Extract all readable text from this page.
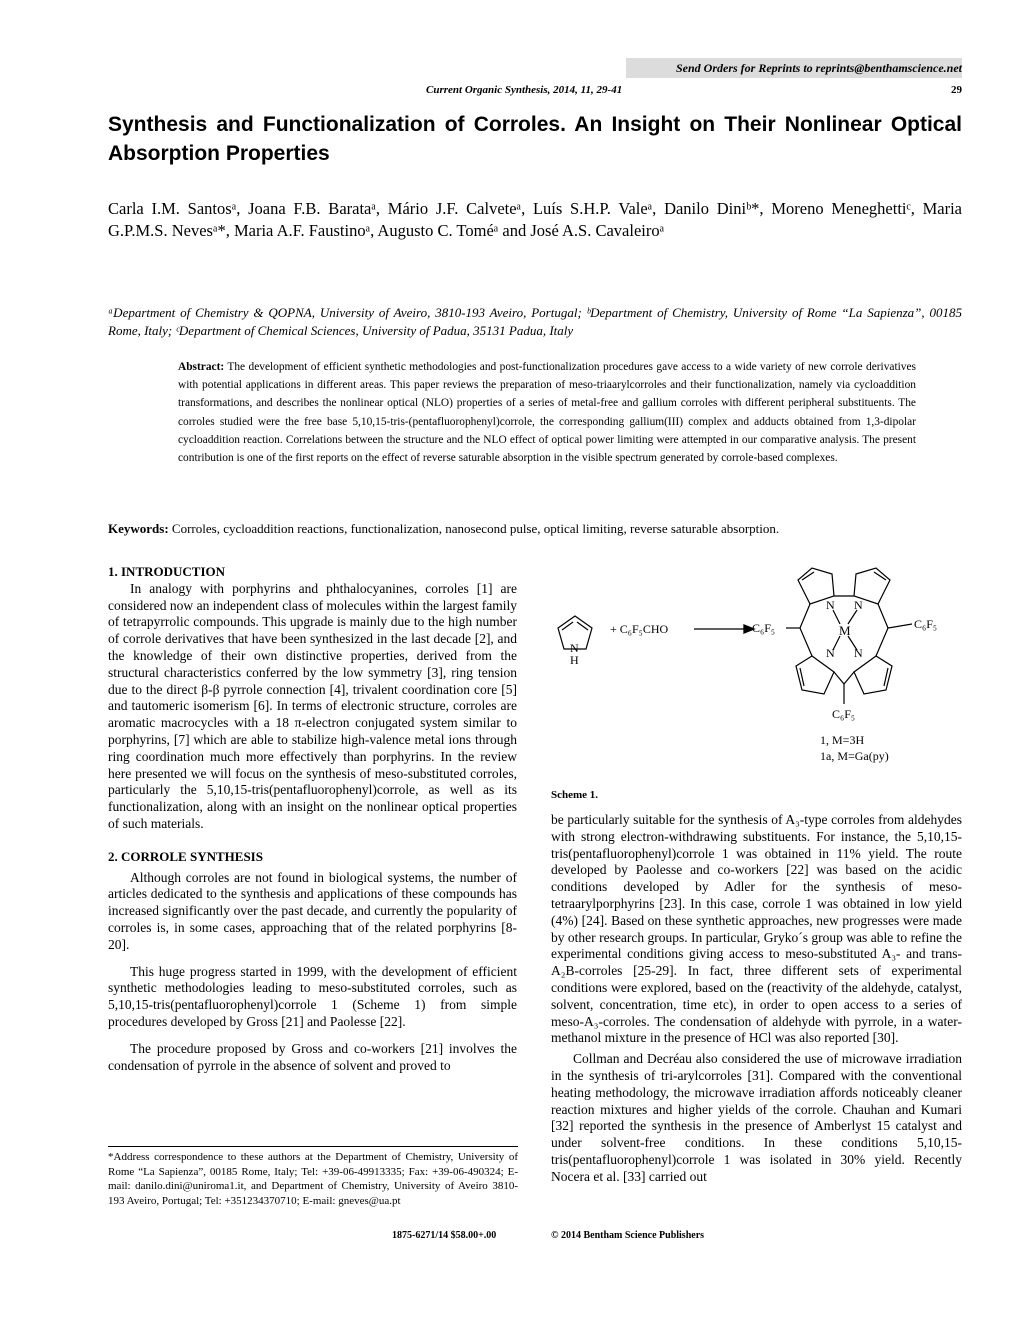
Send Orders for Reprints to reprints@benthamscience.net
Current Organic Synthesis, 2014, 11, 29-41	29
Synthesis and Functionalization of Corroles. An Insight on Their Nonlinear Optical Absorption Properties
Carla I.M. Santosᵃ, Joana F.B. Barataᵃ, Mário J.F. Calveteᵃ, Luís S.H.P. Valeᵃ, Danilo Diniᵇ*, Moreno Meneghettiᶜ, Maria G.P.M.S. Nevesᵃ*, Maria A.F. Faustinoᵃ, Augusto C. Toméᵃ and José A.S. Cavaleiroᵃ
ᵃDepartment of Chemistry & QOPNA, University of Aveiro, 3810-193 Aveiro, Portugal; ᵇDepartment of Chemistry, University of Rome “La Sapienza”, 00185 Rome, Italy; ᶜDepartment of Chemical Sciences, University of Padua, 35131 Padua, Italy
Abstract: The development of efficient synthetic methodologies and post-functionalization procedures gave access to a wide variety of new corrole derivatives with potential applications in different areas. This paper reviews the preparation of meso-triaarylcorroles and their functionalization, namely via cycloaddition transformations, and describes the nonlinear optical (NLO) properties of a series of metal-free and gallium corroles with different peripheral substituents. The corroles studied were the free base 5,10,15-tris-(pentafluorophenyl)corrole, the corresponding gallium(III) complex and adducts obtained from 1,3-dipolar cycloaddition reaction. Correlations between the structure and the NLO effect of optical power limiting were attempted in our comparative analysis. The present contribution is one of the first reports on the effect of reverse saturable absorption in the visible spectrum generated by corrole-based complexes.
Keywords: Corroles, cycloaddition reactions, functionalization, nanosecond pulse, optical limiting, reverse saturable absorption.
1. INTRODUCTION

In analogy with porphyrins and phthalocyanines, corroles [1] are considered now an independent class of molecules within the largest family of tetrapyrrolic compounds. This upgrade is mainly due to the high number of corrole derivatives that have been synthesized in the last decade [2], and the knowledge of their own distinctive properties, derived from the structural characteristics conferred by the low symmetry [3], ring tension due to the direct β-β pyrrole connection [4], trivalent coordination core [5] and tautomeric isomerism [6]. In terms of electronic structure, corroles are aromatic macrocycles with a 18 π-electron conjugated system similar to porphyrins, [7] which are able to stabilize high-valence metal ions through ring coordination much more effectively than porphyrins. In the review here presented we will focus on the synthesis of meso-substituted corroles, particularly the 5,10,15-tris(pentafluorophenyl)corrole, as well as its functionalization, along with an insight on the nonlinear optical properties of such materials.

2. CORROLE SYNTHESIS

Although corroles are not found in biological systems, the number of articles dedicated to the synthesis and applications of these compounds has increased significantly over the past decade, and currently the popularity of corroles is, in some cases, approaching that of the related porphyrins [8-20].

This huge progress started in 1999, with the development of efficient synthetic methodologies leading to meso-substituted corroles, such as 5,10,15-tris(pentafluorophenyl)corrole 1 (Scheme 1) from simple procedures developed by Gross [21] and Paolesse [22].

The procedure proposed by Gross and co-workers [21] involves the condensation of pyrrole in the absence of solvent and proved to

N
H
+ C₆F₅CHO
N N
N N
M
C₆F₅	C₆F₅
C₆F₅
1, M=3H
1a, M=Ga(py)
Scheme 1.

be particularly suitable for the synthesis of A₃-type corroles from aldehydes with strong electron-withdrawing substituents. For instance, the 5,10,15-tris(pentafluorophenyl)corrole 1 was obtained in 11% yield. The route developed by Paolesse and co-workers [22] was based on the acidic conditions developed by Adler for the synthesis of meso-tetraarylporphyrins [23]. In this case, corrole 1 was obtained in low yield (4%) [24]. Based on these synthetic approaches, new progresses were made by other research groups. In particular, Gryko´s group was able to refine the experimental conditions giving access to meso-substituted A₃- and trans-A₂B-corroles [25-29]. In fact, three different sets of experimental conditions were explored, based on the (reactivity of the aldehyde, catalyst, solvent, concentration, time etc), in order to open access to a series of meso-A₃-corroles. The condensation of aldehyde with pyrrole, in a water-methanol mixture in the presence of HCl was also reported [30].

Collman and Decréau also considered the use of microwave irradiation in the synthesis of tri-arylcorroles [31]. Compared with the conventional heating methodology, the microwave irradiation affords noticeably cleaner reaction mixtures and higher yields of the corrole. Chauhan and Kumari [32] reported the synthesis in the presence of Amberlyst 15 catalyst and under solvent-free conditions. In these conditions 5,10,15-tris(pentafluorophenyl)corrole 1 was isolated in 30% yield. Recently Nocera et al. [33] carried out

*Address correspondence to these authors at the Department of Chemistry, University of Rome “La Sapienza”, 00185 Rome, Italy; Tel: +39-06-49913335; Fax: +39-06-490324; E-mail: danilo.dini@uniroma1.it, and Department of Chemistry, University of Aveiro 3810-193 Aveiro, Portugal; Tel: +351234370710; E-mail: gneves@ua.pt
1875-6271/14 $58.00+.00	© 2014 Bentham Science Publishers
